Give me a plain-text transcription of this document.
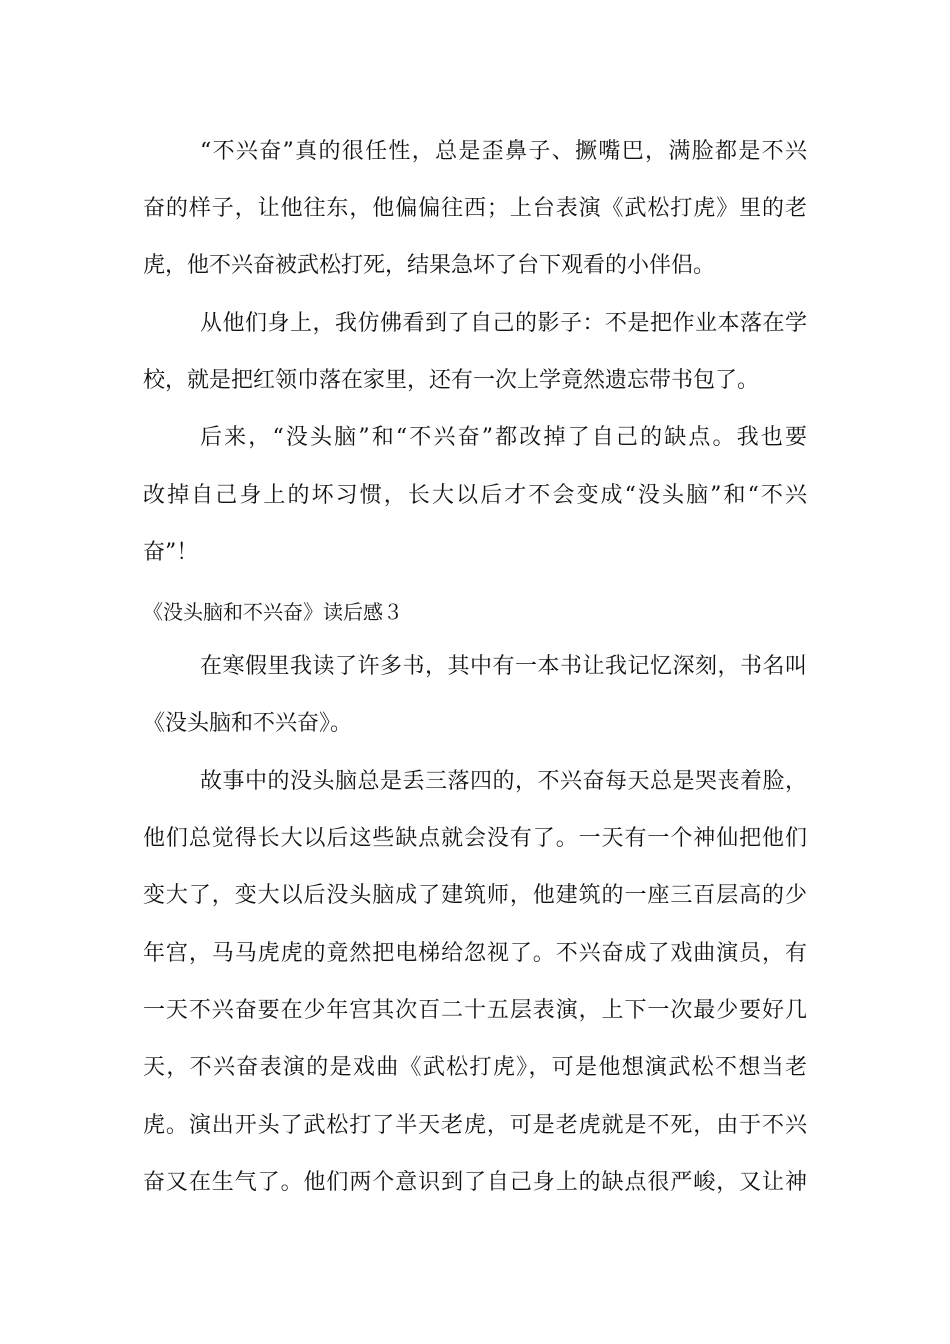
“不兴奋”真的很任性，总是歪鼻子、撅嘴巴，满脸都是不兴
奋的样子，让他往东，他偏偏往西；上台表演《武松打虎》里的老
虎，他不兴奋被武松打死，结果急坏了台下观看的小伴侣。
从他们身上，我仿佛看到了自己的影子：不是把作业本落在学
校，就是把红领巾落在家里，还有一次上学竟然遗忘带书包了。
后来，“没头脑”和“不兴奋”都改掉了自己的缺点。我也要
改掉自己身上的坏习惯，长大以后才不会变成“没头脑”和“不兴
奋”！
《没头脑和不兴奋》读后感３
在寒假里我读了许多书，其中有一本书让我记忆深刻，书名叫
《没头脑和不兴奋》。
故事中的没头脑总是丢三落四的，不兴奋每天总是哭丧着脸，
他们总觉得长大以后这些缺点就会没有了。一天有一个神仙把他们
变大了，变大以后没头脑成了建筑师，他建筑的一座三百层高的少
年宫，马马虎虎的竟然把电梯给忽视了。不兴奋成了戏曲演员，有
一天不兴奋要在少年宫其次百二十五层表演，上下一次最少要好几
天，不兴奋表演的是戏曲《武松打虎》，可是他想演武松不想当老
虎。演出开头了武松打了半天老虎，可是老虎就是不死，由于不兴
奋又在生气了。他们两个意识到了自己身上的缺点很严峻，又让神
